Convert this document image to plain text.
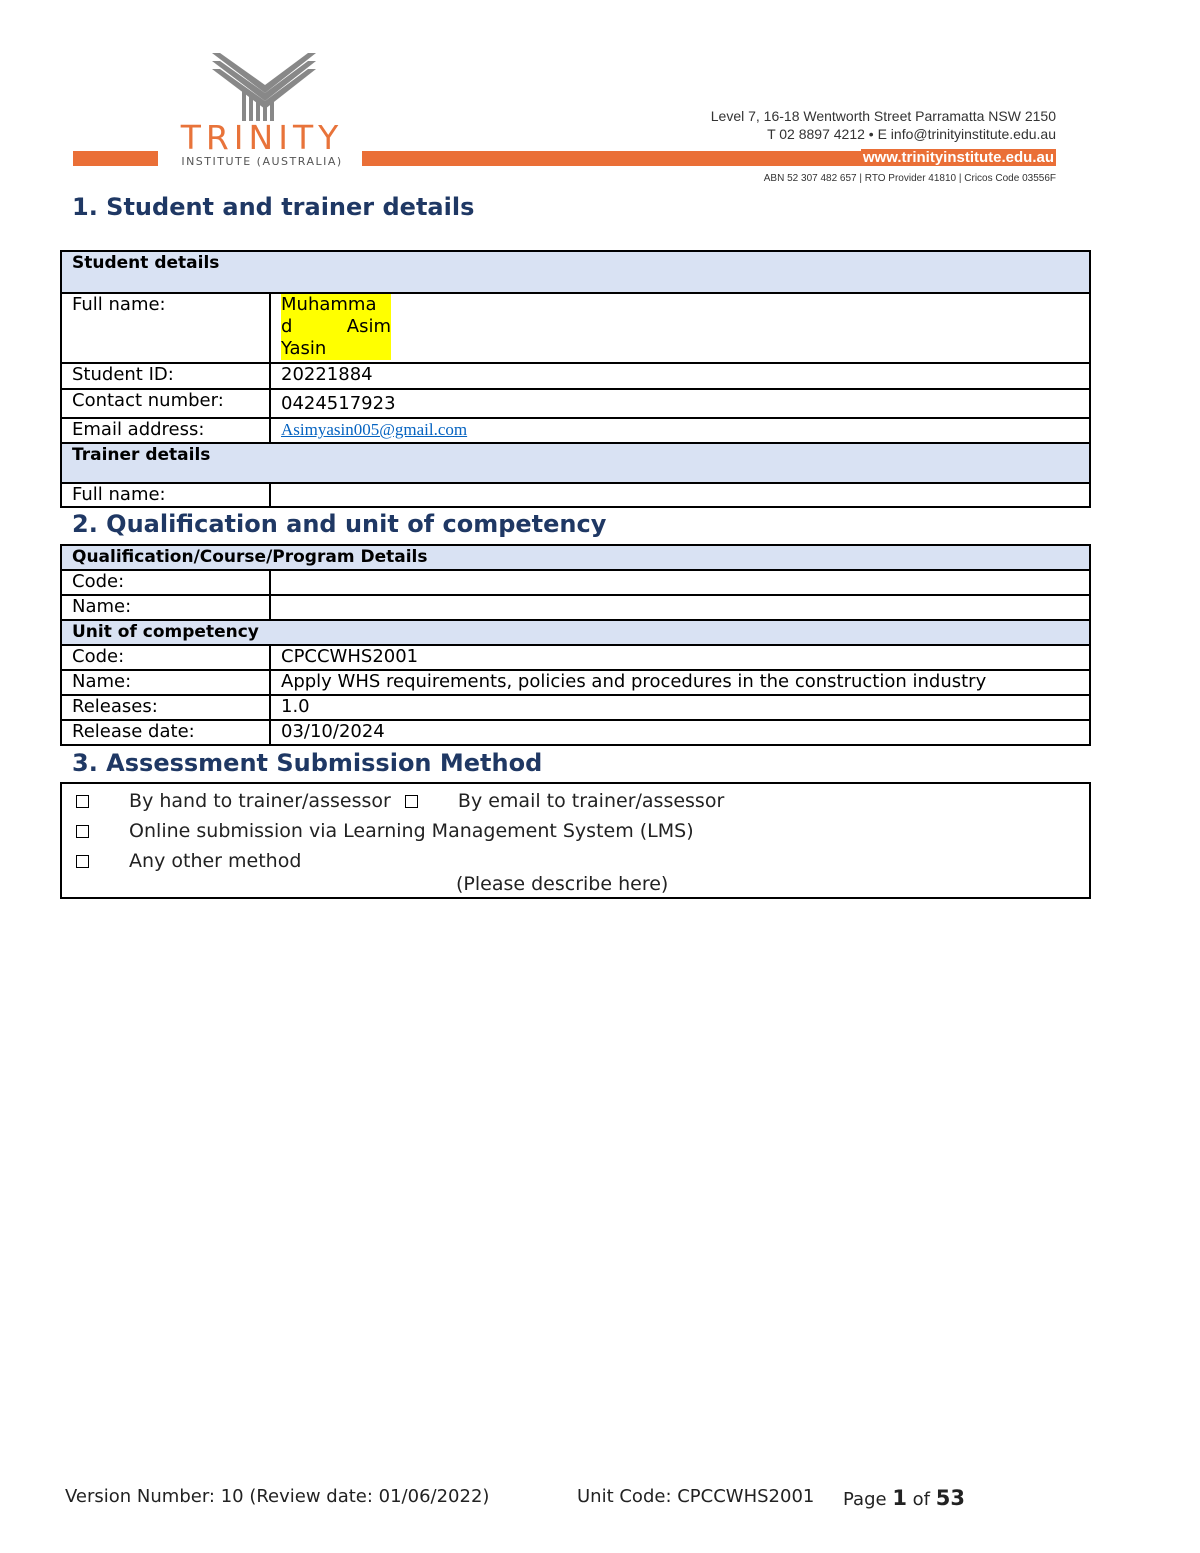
TRINITY
INSTITUTE (AUSTRALIA)
Level 7, 16-18 Wentworth Street Parramatta NSW 2150
T 02 8897 4212 • E info@trinityinstitute.edu.au
www.trinityinstitute.edu.au
ABN 52 307 482 657 | RTO Provider 41810 | Cricos Code 03556F
1. Student and trainer details
Student details	
Full name:	Muhamma
d Asim
Yasin

Student ID:	20221884
Contact number:	0424517923
Email address:	Asimyasin005@gmail.com
Trainer details	
Full name:	
2. Qualification and unit of competency
Qualification/Course/Program Details	
Code:	
Name:	
Unit of competency	
Code:	CPCCWHS2001
Name:	Apply WHS requirements, policies and procedures in the construction industry
Releases:	1.0
Release date:	03/10/2024
3. Assessment Submission Method
By hand to trainer/assessor	By email to trainer/assessor
Online submission via Learning Management System (LMS)
Any other method
(Please describe here)
Version Number: 10 (Review date: 01/06/2022)	Unit Code: CPCCWHS2001 Page 1 of 53
